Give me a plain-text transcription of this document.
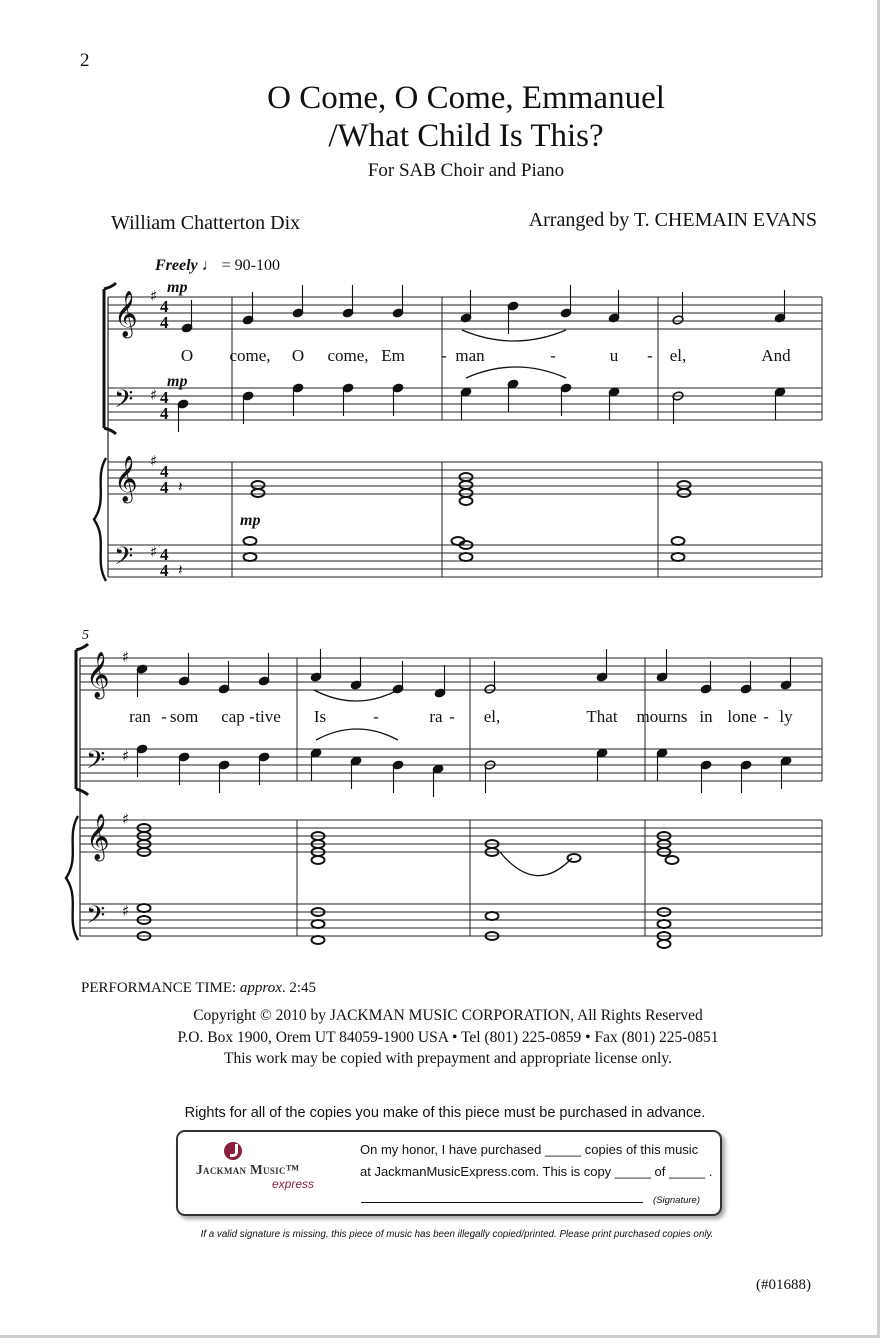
2
O Come, O Come, Emmanuel
/What Child Is This?
For SAB Choir and Piano
William Chatterton Dix	Arranged by T. CHEMAIN EVANS
Freely ♩ = 90-100
𝄞 ♯
4
4
𝄢 ♯ 4
4
𝄞 ♯
4
4
𝄢 ♯ 4
4
𝄞 ♯
𝄢 ♯
𝄞 ♯
𝄢 ♯
𝄽
𝄽
O come, O come, Em - man	-	u - el,	And
ran - som cap - tive Is	-	ra - el,	That mourns in lone - ly
mp
mp
mp
5
PERFORMANCE TIME: approx. 2:45
Copyright © 2010 by JACKMAN MUSIC CORPORATION, All Rights Reserved
P.O. Box 1900, Orem UT 84059-1900 USA • Tel (801) 225-0859 • Fax (801) 225-0851
This work may be copied with prepayment and appropriate license only.
Rights for all of the copies you make of this piece must be purchased in advance.
Jackman Music™
express
On my honor, I have purchased _____ copies of this music
at JackmanMusicExpress.com. This is copy _____ of _____ .
(Signature)
If a valid signature is missing, this piece of music has been illegally copied/printed. Please print purchased copies only.
(#01688)
